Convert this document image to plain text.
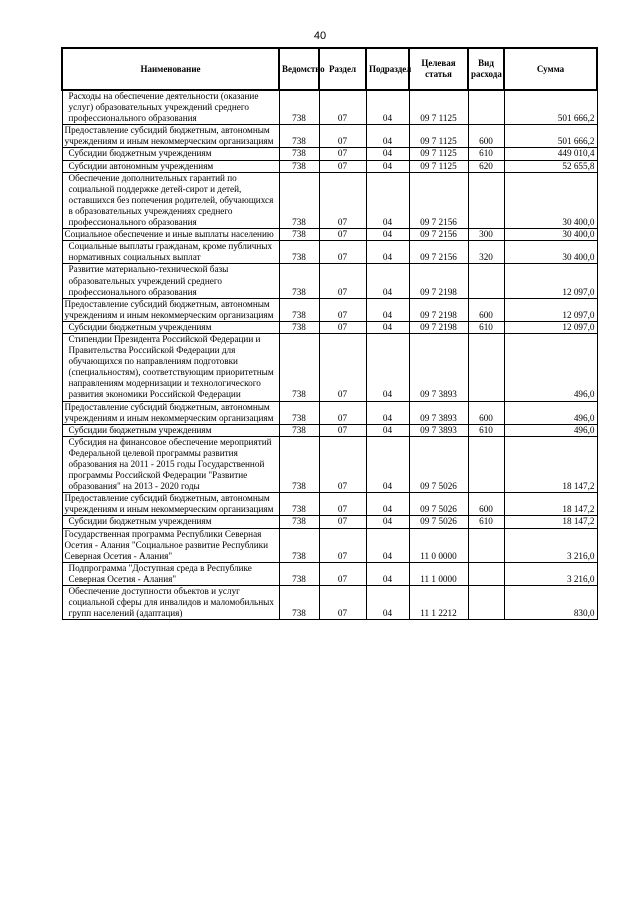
40
Наименование	Ведомство	Раздел	Подраздел	Целевая статья	Вид расхода	Сумма
Расходы на обеспечение деятельности (оказание услуг) образовательных учреждений среднего профессионального образования	738	07	04	09 7 1125		501 666,2
Предоставление субсидий бюджетным, автономным учреждениям и иным некоммерческим организациям	738	07	04	09 7 1125	600	501 666,2
Субсидии бюджетным учреждениям	738	07	04	09 7 1125	610	449 010,4
Субсидии автономным учреждениям	738	07	04	09 7 1125	620	52 655,8
Обеспечение дополнительных гарантий по социальной поддержке детей-сирот и детей, оставшихся без попечения родителей, обучающихся в образовательных учреждениях среднего профессионального образования	738	07	04	09 7 2156		30 400,0
Социальное обеспечение и иные выплаты населению	738	07	04	09 7 2156	300	30 400,0
Социальные выплаты гражданам, кроме публичных нормативных социальных выплат	738	07	04	09 7 2156	320	30 400,0
Развитие материально-технической базы образовательных учреждений среднего профессионального образования	738	07	04	09 7 2198		12 097,0
Предоставление субсидий бюджетным, автономным учреждениям и иным некоммерческим организациям	738	07	04	09 7 2198	600	12 097,0
Субсидии бюджетным учреждениям	738	07	04	09 7 2198	610	12 097,0
Стипендии Президента Российской Федерации и Правительства Российской Федерации для обучающихся по направлениям подготовки (специальностям), соответствующим приоритетным направлениям модернизации и технологического развития экономики Российской Федерации	738	07	04	09 7 3893		496,0
Предоставление субсидий бюджетным, автономным учреждениям и иным некоммерческим организациям	738	07	04	09 7 3893	600	496,0
Субсидии бюджетным учреждениям	738	07	04	09 7 3893	610	496,0
Субсидия на финансовое обеспечение мероприятий Федеральной целевой программы развития образования на 2011 - 2015 годы Государственной программы Российской Федерации "Развитие образования" на 2013 - 2020 годы	738	07	04	09 7 5026		18 147,2
Предоставление субсидий бюджетным, автономным учреждениям и иным некоммерческим организациям	738	07	04	09 7 5026	600	18 147,2
Субсидии бюджетным учреждениям	738	07	04	09 7 5026	610	18 147,2
Государственная программа Республики Северная Осетия - Алания "Социальное развитие Республики Северная Осетия - Алания"	738	07	04	11 0 0000		3 216,0
Подпрограмма "Доступная среда в Республике Северная Осетия - Алания"	738	07	04	11 1 0000		3 216,0
Обеспечение доступности объектов и услуг социальной сферы для инвалидов и маломобильных групп населений (адаптация)	738	07	04	11 1 2212		830,0
